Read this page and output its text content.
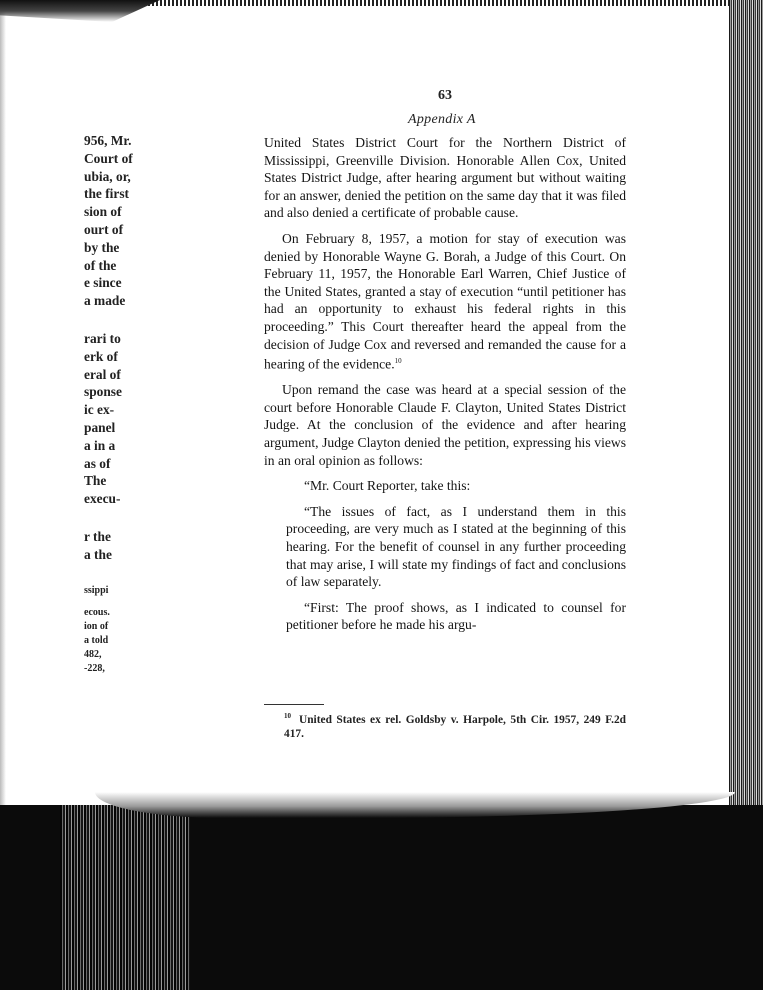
956, Mr.
Court of
ubia, or,
the first
sion of
ourt of
by the
of the
e since
a made
rari to
erk of
eral of
sponse
ic ex-
panel
a in a
as of
The
execu-
r the
a the
ssippi
ecous.
ion of
a told
482,
-228,
63
Appendix A

United States District Court for the Northern District of Mississippi, Greenville Division. Honorable Allen Cox, United States District Judge, after hearing argument but without waiting for an answer, denied the petition on the same day that it was filed and also denied a certificate of probable cause.

On February 8, 1957, a motion for stay of execution was denied by Honorable Wayne G. Borah, a Judge of this Court. On February 11, 1957, the Honorable Earl Warren, Chief Justice of the United States, granted a stay of execution “until petitioner has had an opportunity to exhaust his federal rights in this proceeding.” This Court thereafter heard the appeal from the decision of Judge Cox and reversed and remanded the cause for a hearing of the evidence.$^{10}$

Upon remand the case was heard at a special session of the court before Honorable Claude F. Clayton, United States District Judge. At the conclusion of the evidence and after hearing argument, Judge Clayton denied the petition, expressing his views in an oral opinion as follows:

“Mr. Court Reporter, take this:

“The issues of fact, as I understand them in this proceeding, are very much as I stated at the beginning of this hearing. For the benefit of counsel in any further proceeding that may arise, I will state my findings of fact and conclusions of law separately.

“First: The proof shows, as I indicated to counsel for petitioner before he made his argu-

$^{10}$ United States ex rel. Goldsby v. Harpole, 5th Cir. 1957, 249 F.2d 417.
